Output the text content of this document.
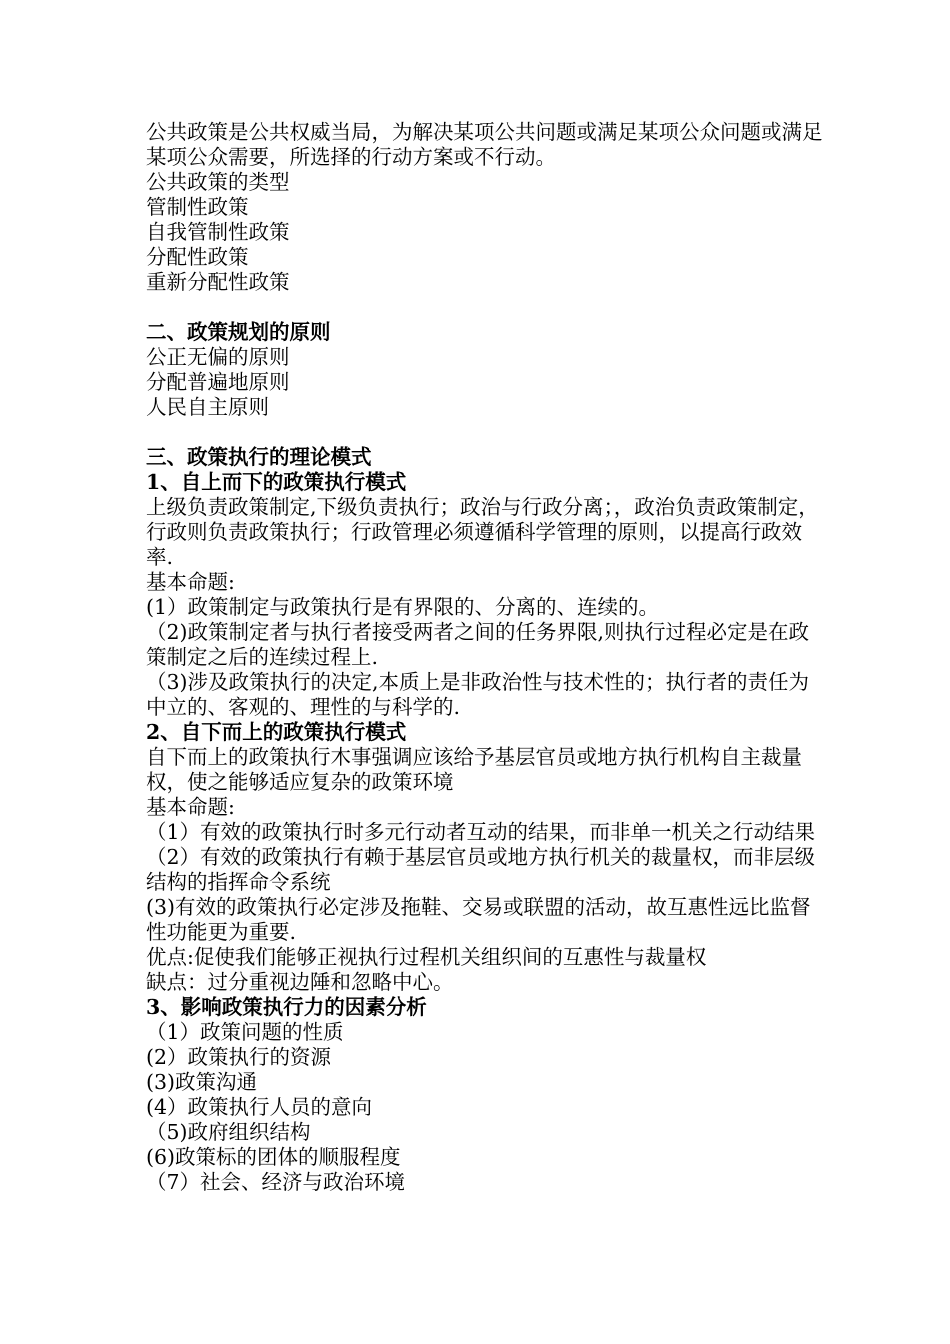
公共政策是公共权威当局，为解决某项公共问题或满足某项公众问题或满足某项公众需要，所选择的行动方案或不行动。
公共政策的类型
管制性政策
自我管制性政策
分配性政策
重新分配性政策
二、政策规划的原则
公正无偏的原则
分配普遍地原则
人民自主原则
三、政策执行的理论模式
1、自上而下的政策执行模式
上级负责政策制定,下级负责执行；政治与行政分离；，政治负责政策制定，行政则负责政策执行；行政管理必须遵循科学管理的原则，以提高行政效率.
基本命题:
(1）政策制定与政策执行是有界限的、分离的、连续的。
（2)政策制定者与执行者接受两者之间的任务界限,则执行过程必定是在政策制定之后的连续过程上.
（3)涉及政策执行的决定,本质上是非政治性与技术性的；执行者的责任为中立的、客观的、理性的与科学的.
2、自下而上的政策执行模式
自下而上的政策执行木事强调应该给予基层官员或地方执行机构自主裁量权，使之能够适应复杂的政策环境
基本命题:
（1）有效的政策执行时多元行动者互动的结果，而非单一机关之行动结果
（2）有效的政策执行有赖于基层官员或地方执行机关的裁量权，而非层级结构的指挥命令系统
(3)有效的政策执行必定涉及拖鞋、交易或联盟的活动，故互惠性远比监督性功能更为重要.
优点:促使我们能够正视执行过程机关组织间的互惠性与裁量权
缺点：过分重视边陲和忽略中心。
3、影响政策执行力的因素分析
（1）政策问题的性质
(2）政策执行的资源
(3)政策沟通
(4）政策执行人员的意向
（5)政府组织结构
(6)政策标的团体的顺服程度
（7）社会、经济与政治环境
